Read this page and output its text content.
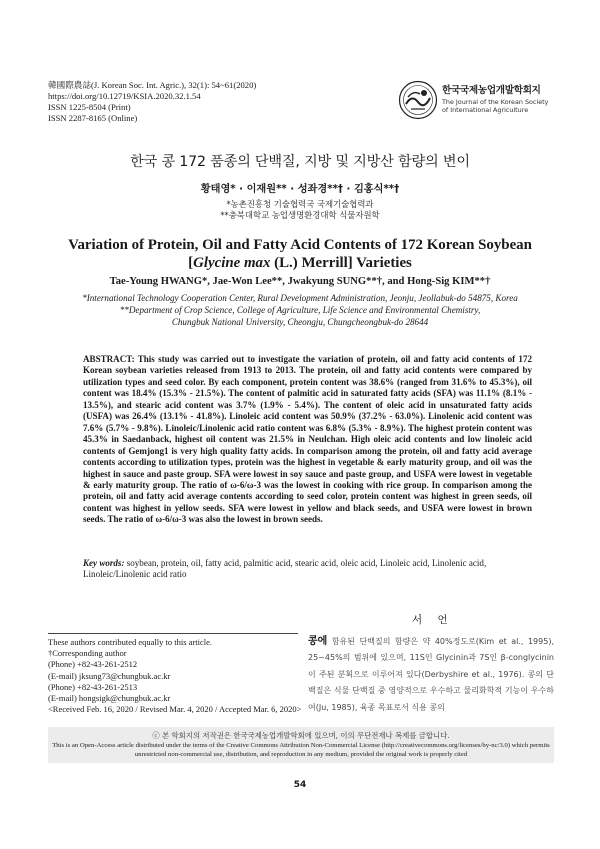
韓國際農誌(J. Korean Soc. Int. Agric.), 32(1): 54~61(2020)
https://doi.org/10.12719/KSIA.2020.32.1.54
ISSN 1225-8504 (Print)
ISSN 2287-8165 (Online)
한국국제농업개발학회지
The Journal of the Korean Society
of International Agriculture
한국 콩 172 품종의 단백질, 지방 및 지방산 함량의 변이
황태영* · 이재원** · 성좌경**† · 김홍식**†
*농촌진흥청 기술협력국 국제기술협력과
**충북대학교 농업생명환경대학 식물자원학
Variation of Protein, Oil and Fatty Acid Contents of 172 Korean Soybean
[Glycine max (L.) Merrill] Varieties
Tae-Young HWANG*, Jae-Won Lee**, Jwakyung SUNG**†, and Hong-Sig KIM**†
*International Technology Cooperation Center, Rural Development Administration, Jeonju, Jeollabuk-do 54875, Korea
**Department of Crop Science, College of Agriculture, Life Science and Environmental Chemistry,
Chungbuk National University, Cheongju, Chungcheongbuk-do 28644
ABSTRACT: This study was carried out to investigate the variation of protein, oil and fatty acid contents of 172 Korean soybean varieties released from 1913 to 2013. The protein, oil and fatty acid contents were compared by utilization types and seed color. By each component, protein content was 38.6% (ranged from 31.6% to 45.3%), oil content was 18.4% (15.3% - 21.5%). The content of palmitic acid in saturated fatty acids (SFA) was 11.1% (8.1% - 13.5%), and stearic acid content was 3.7% (1.9% - 5.4%). The content of oleic acid in unsaturated fatty acids (USFA) was 26.4% (13.1% - 41.8%). Linoleic acid content was 50.9% (37.2% - 63.0%). Linolenic acid content was 7.6% (5.7% - 9.8%). Linoleic/Linolenic acid ratio content was 6.8% (5.3% - 8.9%). The highest protein content was 45.3% in Saedanback, highest oil content was 21.5% in Neulchan. High oleic acid contents and low linoleic acid contents of Gemjong1 is very high quality fatty acids. In comparison among the protein, oil and fatty acid average contents according to utilization types, protein was the highest in vegetable & early maturity group, and oil was the highest in sauce and paste group. SFA were lowest in soy sauce and paste group, and USFA were lowest in vegetable & early maturity group. The ratio of ω-6/ω-3 was the lowest in cooking with rice group. In comparison among the protein, oil and fatty acid average contents according to seed color, protein content was highest in green seeds, oil content was highest in yellow seeds. SFA were lowest in yellow and black seeds, and USFA were lowest in brown seeds. The ratio of ω-6/ω-3 was also the lowest in brown seeds.
Key words: soybean, protein, oil, fatty acid, palmitic acid, stearic acid, oleic acid, Linoleic acid, Linolenic acid, Linoleic/Linolenic acid ratio
서 언
These authors contributed equally to this article.
†Corresponding author
(Phone) +82-43-261-2512
(E-mail) jksung73@chungbuk.ac.kr
(Phone) +82-43-261-2513
(E-mail) hongsigk@chungbuk.ac.kr
<Received Feb. 16, 2020 / Revised Mar. 4, 2020 / Accepted Mar. 6, 2020>
콩에 함유된 단백질의 함량은 약 40%정도로(Kim et al., 1995), 25~45%의 범위에 있으며, 11S인 Glycinin과 7S인 β-conglycinin이 주된 분획으로 이루어져 있다(Derbyshire et al., 1976). 콩의 단백질은 식물 단백질 중 영양적으로 우수하고 물리화학적 기능이 우수하여(Ju, 1985), 육종 목표로서 식용 콩의
ⓒ 본 학회지의 저작권은 한국국제농업개발학회에 있으며, 이의 무단전재나 복제를 금합니다.
This is an Open-Access article distributed under the terms of the Creative Commons Attribution Non-Commercial License (http://creativecommons.org/licenses/by-nc/3.0) which permits unrestricted non-commercial use, distribution, and reproduction in any medium, provided the original work is properly cited
54
